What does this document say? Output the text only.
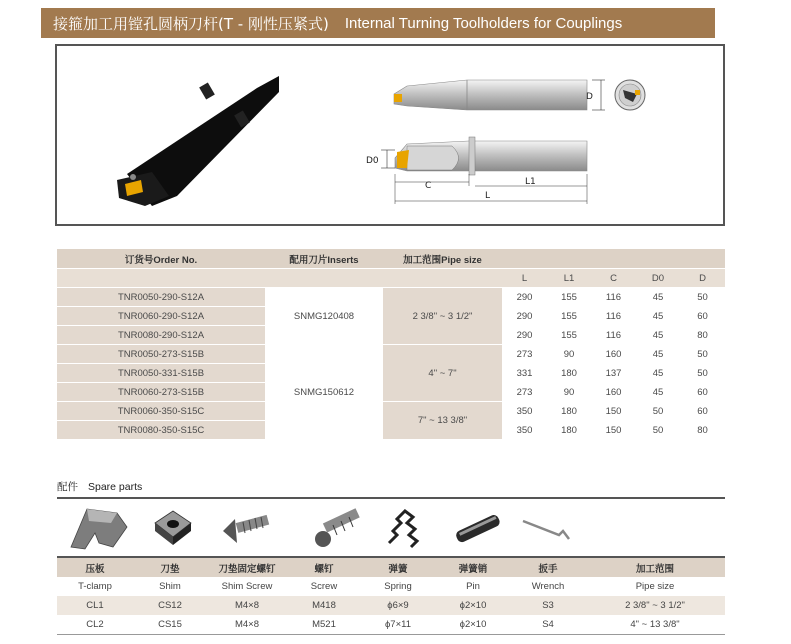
接箍加工用镗孔圆柄刀杆(T - 刚性压紧式) Internal Turning Toolholders for Couplings
D
D0
C	L1
L
订货号Order No.	配用刀片Inserts	加工范围Pipe size					
			L	L1	C	D0	D
TNR0050-290-S12A	SNMG120408	2 3/8" ~ 3 1/2"	290	155	116	45	50
TNR0060-290-S12A			290	155	116	45	60
TNR0080-290-S12A			290	155	116	45	80
TNR0050-273-S15B	SNMG150612	4" ~ 7"	273	90	160	45	50
TNR0050-331-S15B			331	180	137	45	50
TNR0060-273-S15B			273	90	160	45	60
TNR0060-350-S15C		7" ~ 13 3/8"	350	180	150	50	60
TNR0080-350-S15C			350	180	150	50	80
配件 Spare parts
压板	刀垫	刀垫固定螺钉	螺钉	弹簧	弹簧销	扳手	加工范围
T-clamp	Shim	Shim Screw	Screw	Spring	Pin	Wrench	Pipe size
CL1	CS12	M4×8	M418	ϕ6×9	ϕ2×10	S3	2 3/8" ~ 3 1/2"
CL2	CS15	M4×8	M521	ϕ7×11	ϕ2×10	S4	4" ~ 13 3/8"
